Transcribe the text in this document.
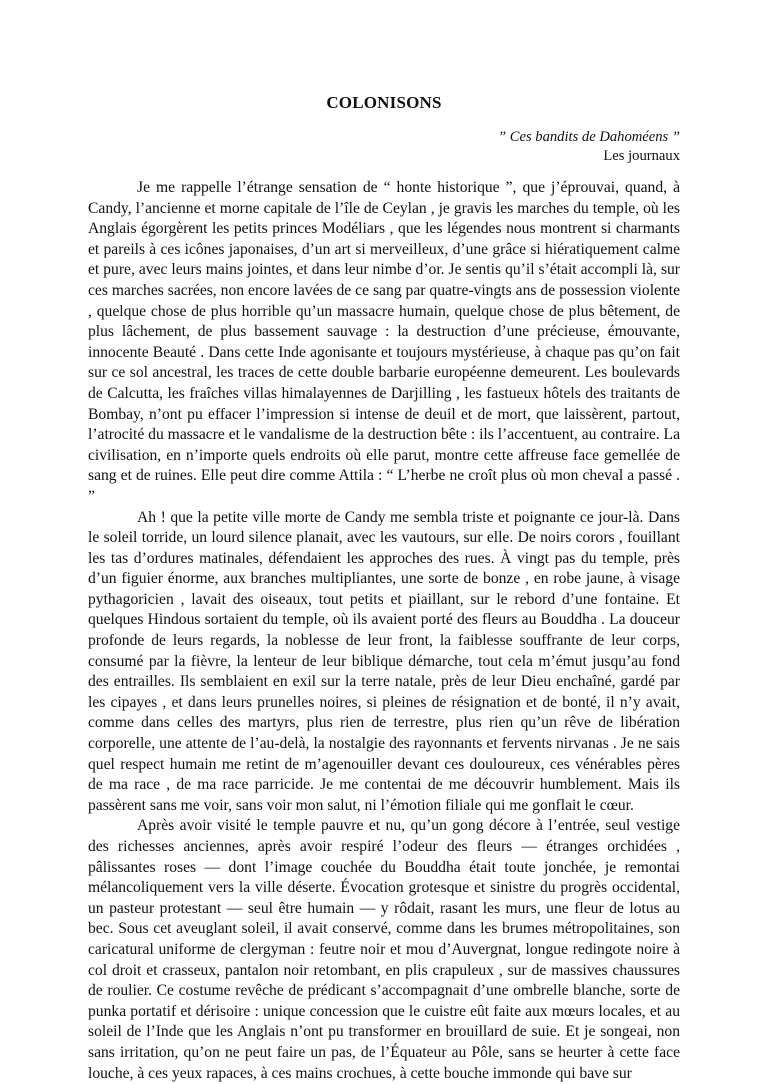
COLONISONS
” Ces bandits de Dahoméens ”
Les journaux

Je me rappelle l’étrange sensation de “ honte historique ”, que j’éprouvai, quand, à Candy, l’ancienne et morne capitale de l’île de Ceylan , je gravis les marches du temple, où les Anglais égorgèrent les petits princes Modéliars , que les légendes nous montrent si charmants et pareils à ces icônes japonaises, d’un art si merveilleux, d’une grâce si hiératiquement calme et pure, avec leurs mains jointes, et dans leur nimbe d’or. Je sentis qu’il s’était accompli là, sur ces marches sacrées, non encore lavées de ce sang par quatre-vingts ans de possession violente , quelque chose de plus horrible qu’un massacre humain, quelque chose de plus bêtement, de plus lâchement, de plus bassement sauvage : la destruction d’une précieuse, émouvante, innocente Beauté . Dans cette Inde agonisante et toujours mystérieuse, à chaque pas qu’on fait sur ce sol ancestral, les traces de cette double barbarie européenne demeurent. Les boulevards de Calcutta, les fraîches villas himalayennes de Darjilling , les fastueux hôtels des traitants de Bombay, n’ont pu effacer l’impression si intense de deuil et de mort, que laissèrent, partout, l’atrocité du massacre et le vandalisme de la destruction bête : ils l’accentuent, au contraire. La civilisation, en n’importe quels endroits où elle parut, montre cette affreuse face gemellée de sang et de ruines. Elle peut dire comme Attila : “ L’herbe ne croît plus où mon cheval a passé . ”

Ah ! que la petite ville morte de Candy me sembla triste et poignante ce jour-là. Dans le soleil torride, un lourd silence planait, avec les vautours, sur elle. De noirs corors , fouillant les tas d’ordures matinales, défendaient les approches des rues. À vingt pas du temple, près d’un figuier énorme, aux branches multipliantes, une sorte de bonze , en robe jaune, à visage pythagoricien , lavait des oiseaux, tout petits et piaillant, sur le rebord d’une fontaine. Et quelques Hindous sortaient du temple, où ils avaient porté des fleurs au Bouddha . La douceur profonde de leurs regards, la noblesse de leur front, la faiblesse souffrante de leur corps, consumé par la fièvre, la lenteur de leur biblique démarche, tout cela m’émut jusqu’au fond des entrailles. Ils semblaient en exil sur la terre natale, près de leur Dieu enchaîné, gardé par les cipayes , et dans leurs prunelles noires, si pleines de résignation et de bonté, il n’y avait, comme dans celles des martyrs, plus rien de terrestre, plus rien qu’un rêve de libération corporelle, une attente de l’au-delà, la nostalgie des rayonnants et fervents nirvanas . Je ne sais quel respect humain me retint de m’agenouiller devant ces douloureux, ces vénérables pères de ma race , de ma race parricide. Je me contentai de me découvrir humblement. Mais ils passèrent sans me voir, sans voir mon salut, ni l’émotion filiale qui me gonflait le cœur.

Après avoir visité le temple pauvre et nu, qu’un gong décore à l’entrée, seul vestige des richesses anciennes, après avoir respiré l’odeur des fleurs — étranges orchidées , pâlissantes roses — dont l’image couchée du Bouddha était toute jonchée, je remontai mélancoliquement vers la ville déserte. Évocation grotesque et sinistre du progrès occidental, un pasteur protestant — seul être humain — y rôdait, rasant les murs, une fleur de lotus au bec. Sous cet aveuglant soleil, il avait conservé, comme dans les brumes métropolitaines, son caricatural uniforme de clergyman : feutre noir et mou d’Auvergnat, longue redingote noire à col droit et crasseux, pantalon noir retombant, en plis crapuleux , sur de massives chaussures de roulier. Ce costume revêche de prédicant s’accompagnait d’une ombrelle blanche, sorte de punka portatif et dérisoire : unique concession que le cuistre eût faite aux mœurs locales, et au soleil de l’Inde que les Anglais n’ont pu transformer en brouillard de suie. Et je songeai, non sans irritation, qu’on ne peut faire un pas, de l’Équateur au Pôle, sans se heurter à cette face louche, à ces yeux rapaces, à ces mains crochues, à cette bouche immonde qui bave sur
